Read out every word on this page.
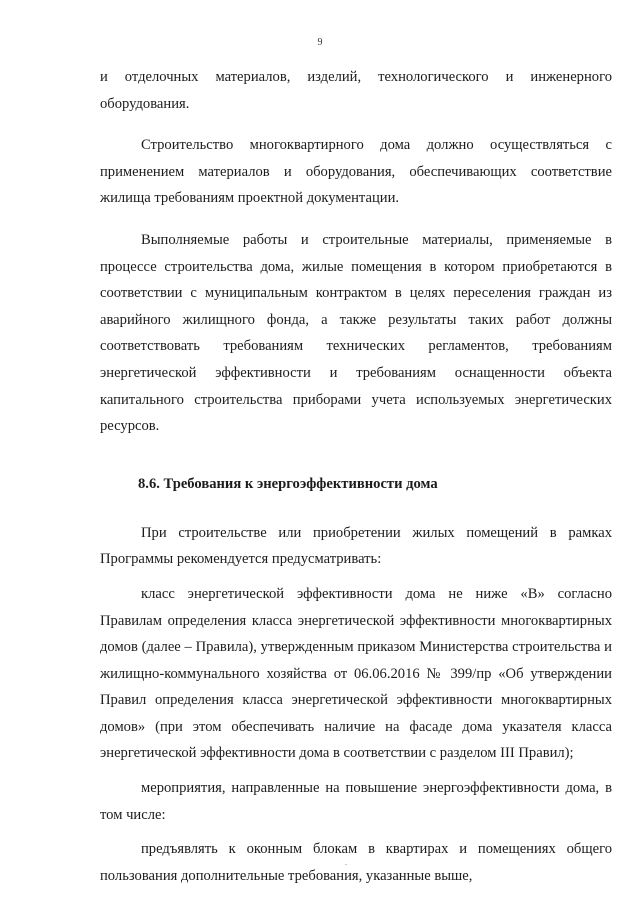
9

и отделочных материалов, изделий, технологического и инженерного оборудования.

Строительство многоквартирного дома должно осуществляться с применением материалов и оборудования, обеспечивающих соответствие жилища требованиям проектной документации.

Выполняемые работы и строительные материалы, применяемые в процессе строительства дома, жилые помещения в котором приобретаются в соответствии с муниципальным контрактом в целях переселения граждан из аварийного жилищного фонда, а также результаты таких работ должны соответствовать требованиям технических регламентов, требованиям энергетической эффективности и требованиям оснащенности объекта капитального строительства приборами учета используемых энергетических ресурсов.

8.6. Требования к энергоэффективности дома

При строительстве или приобретении жилых помещений в рамках Программы рекомендуется предусматривать:

класс энергетической эффективности дома не ниже «В» согласно Правилам определения класса энергетической эффективности многоквартирных домов (далее – Правила), утвержденным приказом Министерства строительства и жилищно-коммунального хозяйства от 06.06.2016 № 399/пр «Об утверждении Правил определения класса энергетической эффективности многоквартирных домов» (при этом обеспечивать наличие на фасаде дома указателя класса энергетической эффективности дома в соответствии с разделом III Правил);

мероприятия, направленные на повышение энергоэффективности дома, в том числе:

предъявлять к оконным блокам в квартирах и помещениях общего пользования дополнительные требования, указанные выше,

.
